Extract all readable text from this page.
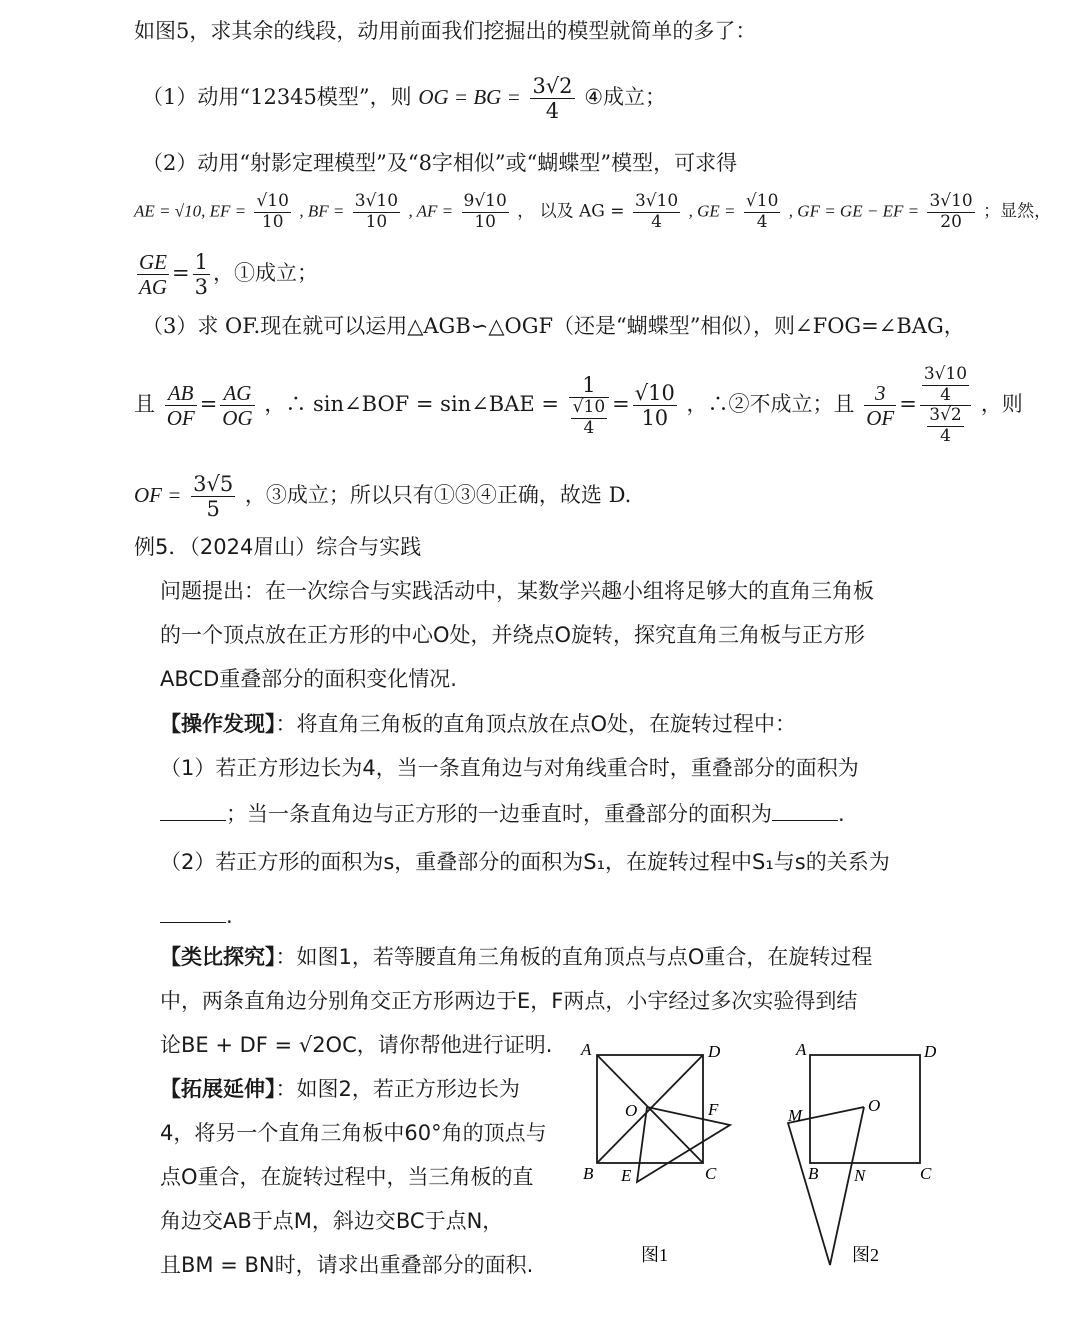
如图5，求其余的线段，动用前面我们挖掘出的模型就简单的多了：
（1）动用“12345模型”，则 OG = BG = $\frac{3√2}{4}$ ④成立；
（2）动用“射影定理模型”及“8字相似”或“蝴蝶型”模型，可求得
AE = √10, EF = $\frac{√10}{10}$ , BF = $\frac{3√10}{10}$ , AF = $\frac{9√10}{10}$ ， 以及 AG = $\frac{3√10}{4}$ , GE = $\frac{√10}{4}$ , GF = GE − EF = $\frac{3√10}{20}$ ；显然，
$\frac{GE}{AG} = \frac{1}{3}$ ，①成立；
（3）求 OF.现在就可以运用△AGB∽△OGF（还是“蝴蝶型”相似），则∠FOG=∠BAG，
且 $\frac{AB}{OF} = \frac{AG}{OG}$ ，∴ sin∠BOF = sin∠BAE = $\frac{1}{\frac{√10}{4}} = \frac{√10}{10}$ ，∴②不成立；且 $\frac{3}{OF} = \frac{\frac{3√10}{4}}{\frac{3√2}{4}}$ ，则
OF = $\frac{3√5}{5}$ ，③成立；所以只有①③④正确，故选 D.
例5．（2024眉山）综合与实践
问题提出：在一次综合与实践活动中，某数学兴趣小组将足够大的直角三角板
的一个顶点放在正方形的中心O处，并绕点O旋转，探究直角三角板与正方形
ABCD重叠部分的面积变化情况.
【操作发现】：将直角三角板的直角顶点放在点O处，在旋转过程中：
（1）若正方形边长为4，当一条直角边与对角线重合时，重叠部分的面积为
；当一条直角边与正方形的一边垂直时，重叠部分的面积为	.
（2）若正方形的面积为s，重叠部分的面积为S₁，在旋转过程中S₁与s的关系为
.
【类比探究】：如图1，若等腰直角三角板的直角顶点与点O重合，在旋转过程
中，两条直角边分别角交正方形两边于E，F两点，小宇经过多次实验得到结
论BE + DF = √2OC，请你帮他进行证明.
【拓展延伸】：如图2，若正方形边长为
4，将另一个直角三角板中60°角的顶点与
点O重合，在旋转过程中，当三角板的直
角边交AB于点M，斜边交BC于点N，
且BM = BN时，请求出重叠部分的面积.
A	D
O	F
B E	C
图1
A	D
M
O
B N	C
图2
